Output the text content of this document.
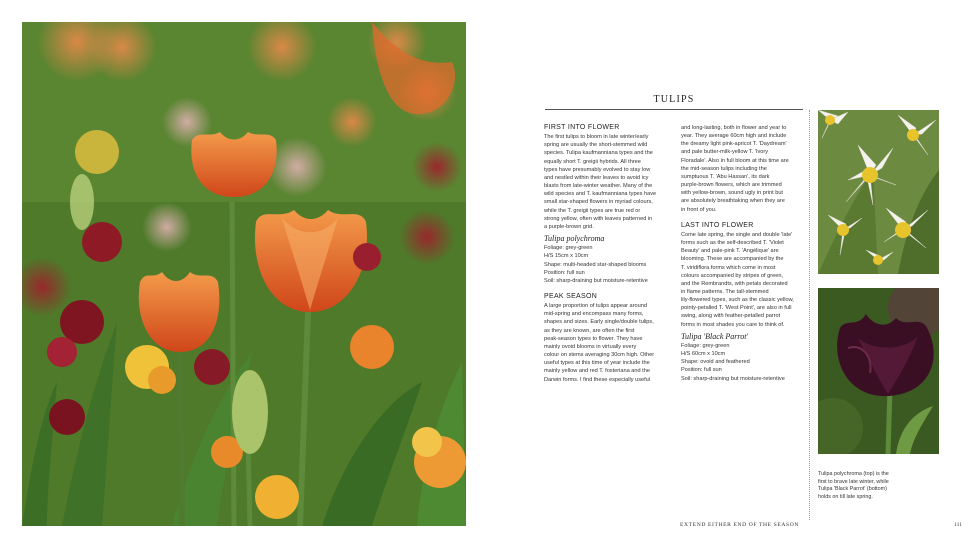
TULIPS
FIRST INTO FLOWER

The first tulips to bloom in late winter/early
spring are usually the short-stemmed wild
species. Tulipa kaufmanniana types and the
equally short T. greigii hybrids. All three
types have presumably evolved to stay low
and nestled within their leaves to avoid icy
blasts from late-winter weather. Many of the
wild species and T. kaufmanniana types have
small star-shaped flowers in myriad colours,
while the T. greigii types are true red or
strong yellow, often with leaves patterned in
a purple-brown grid.

Tulipa polychroma

Foliage: grey-green
H/S 15cm x 10cm
Shape: multi-headed star-shaped blooms
Position: full sun
Soil: sharp-draining but moisture-retentive

PEAK SEASON

A large proportion of tulips appear around
mid-spring and encompass many forms,
shapes and sizes. Early single/double tulips,
as they are known, are often the first
peak-season types to flower. They have
mainly ovoid blooms in virtually every
colour on stems averaging 30cm high. Other
useful types at this time of year include the
mainly yellow and red T. fosteriana and the
Darwin forms. I find these especially useful

and long-lasting, both in flower and year to
year. They average 60cm high and include
the dreamy light pink-apricot T. 'Daydream'
and pale butter-milk-yellow T. 'Ivory
Floradale'. Also in full bloom at this time are
the mid-season tulips including the
sumptuous T. 'Abu Hassan', its dark
purple-brown flowers, which are trimmed
with yellow-brown, sound ugly in print but
are absolutely breathtaking when they are
in front of you.

LAST INTO FLOWER

Come late spring, the single and double 'late'
forms such as the self-described T. 'Violet
Beauty' and pale-pink T. 'Angélique' are
blooming. These are accompanied by the
T. viridiflora forms which come in most
colours accompanied by stripes of green,
and the Rembrandts, with petals decorated
in flame patterns. The tall-stemmed
lily-flowered types, such as the classic yellow,
pointy-petalled T. 'West Point', are also in full
swing, along with feather-petalled parrot
forms in most shades you care to think of.

Tulipa 'Black Parrot'

Foliage: grey-green
H/S 60cm x 10cm
Shape: ovoid and feathered
Position: full sun
Soil: sharp-draining but moisture-retentive

Tulipa polychroma (top) is the
first to brave late winter, while
Tulipa 'Black Parrot' (bottom)
holds on till late spring.
EXTEND EITHER END OF THE SEASON	111
